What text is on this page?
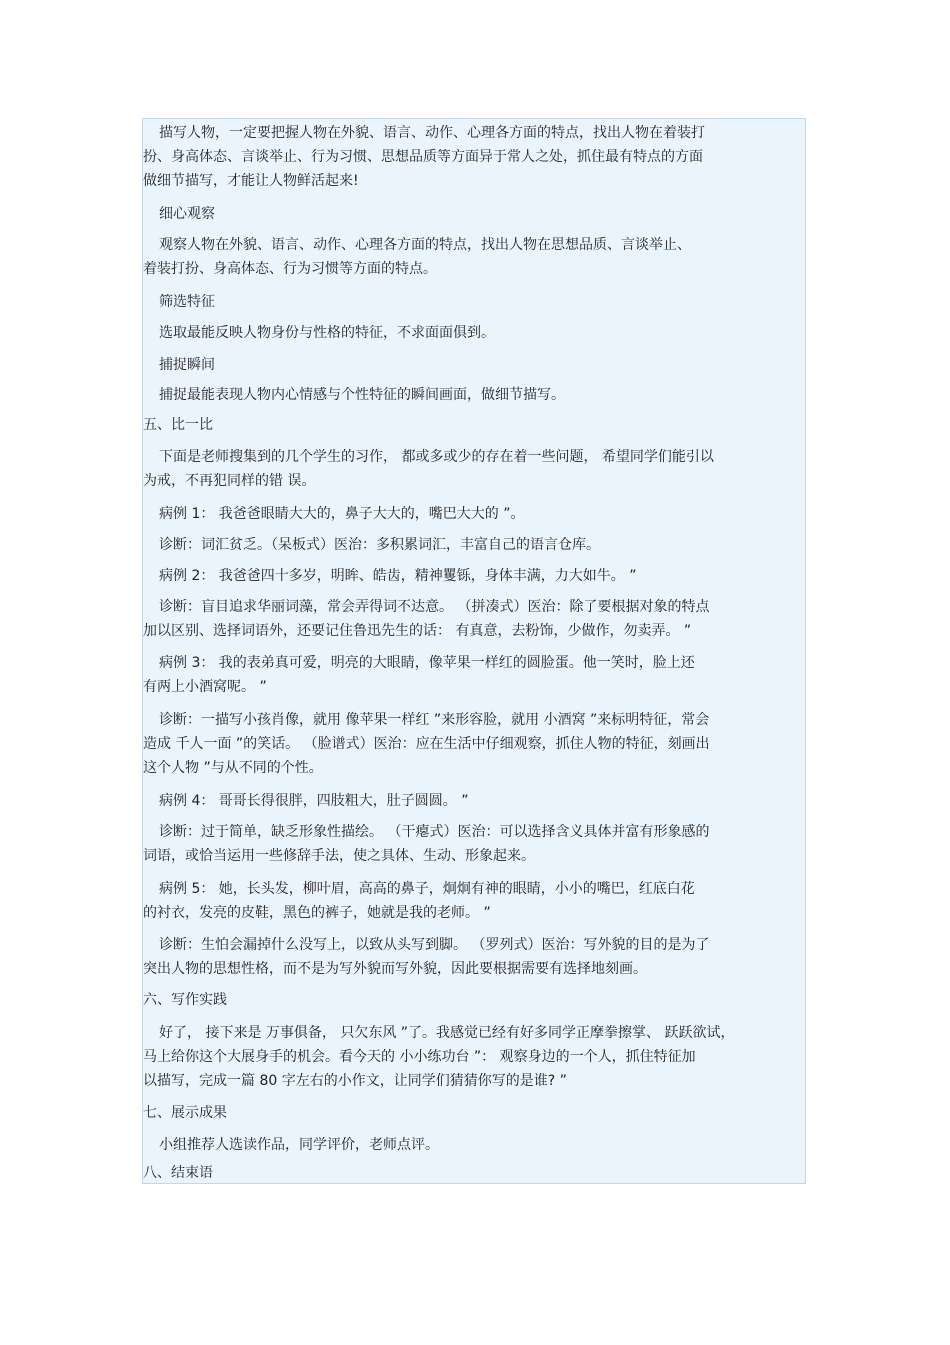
描写人物，一定要把握人物在外貌、语言、动作、心理各方面的特点，找出人物在着装打
扮、身高体态、言谈举止、行为习惯、思想品质等方面异于常人之处，抓住最有特点的方面
做细节描写，才能让人物鲜活起来!
细心观察
观察人物在外貌、语言、动作、心理各方面的特点，找出人物在思想品质、言谈举止、
着装打扮、身高体态、行为习惯等方面的特点。
筛选特征
选取最能反映人物身份与性格的特征，不求面面俱到。
捕捉瞬间
捕捉最能表现人物内心情感与个性特征的瞬间画面，做细节描写。
五、比一比
下面是老师搜集到的几个学生的习作， 都或多或少的存在着一些问题， 希望同学们能引以
为戒，不再犯同样的错 误。
病例 1： 我爸爸眼睛大大的，鼻子大大的，嘴巴大大的 ”。
诊断：词汇贫乏。（呆板式）医治：多积累词汇，丰富自己的语言仓库。
病例 2： 我爸爸四十多岁，明眸、皓齿，精神矍铄，身体丰满，力大如牛。 ”
诊断：盲目追求华丽词藻，常会弄得词不达意。 （拼凑式）医治：除了要根据对象的特点
加以区别、选择词语外，还要记住鲁迅先生的话： 有真意，去粉饰，少做作，勿卖弄。 ”
病例 3： 我的表弟真可爱，明亮的大眼睛，像苹果一样红的圆脸蛋。他一笑时，脸上还
有两上小酒窝呢。 ”
诊断：一描写小孩肖像，就用 像苹果一样红 ”来形容脸，就用 小酒窝 ”来标明特征，常会
造成 千人一面 ”的笑话。 （脸谱式）医治：应在生活中仔细观察，抓住人物的特征，刻画出
这个人物 ”与从不同的个性。
病例 4： 哥哥长得很胖，四肢粗大，肚子圆圆。 ”
诊断：过于简单，缺乏形象性描绘。 （干瘪式）医治：可以选择含义具体并富有形象感的
词语，或恰当运用一些修辞手法，使之具体、生动、形象起来。
病例 5： 她，长头发，柳叶眉，高高的鼻子，炯炯有神的眼睛，小小的嘴巴，红底白花
的衬衣，发亮的皮鞋，黑色的裤子，她就是我的老师。 ”
诊断：生怕会漏掉什么没写上，以致从头写到脚。 （罗列式）医治：写外貌的目的是为了
突出人物的思想性格，而不是为写外貌而写外貌，因此要根据需要有选择地刻画。
六、写作实践
好了， 接下来是 万事俱备， 只欠东风 ”了。我感觉已经有好多同学正摩拳擦掌、 跃跃欲试，
马上给你这个大展身手的机会。看今天的 小小练功台 ”： 观察身边的一个人，抓住特征加
以描写，完成一篇 80 字左右的小作文，让同学们猜猜你写的是谁? ”
七、展示成果
小组推荐人选读作品，同学评价，老师点评。
八、结束语
